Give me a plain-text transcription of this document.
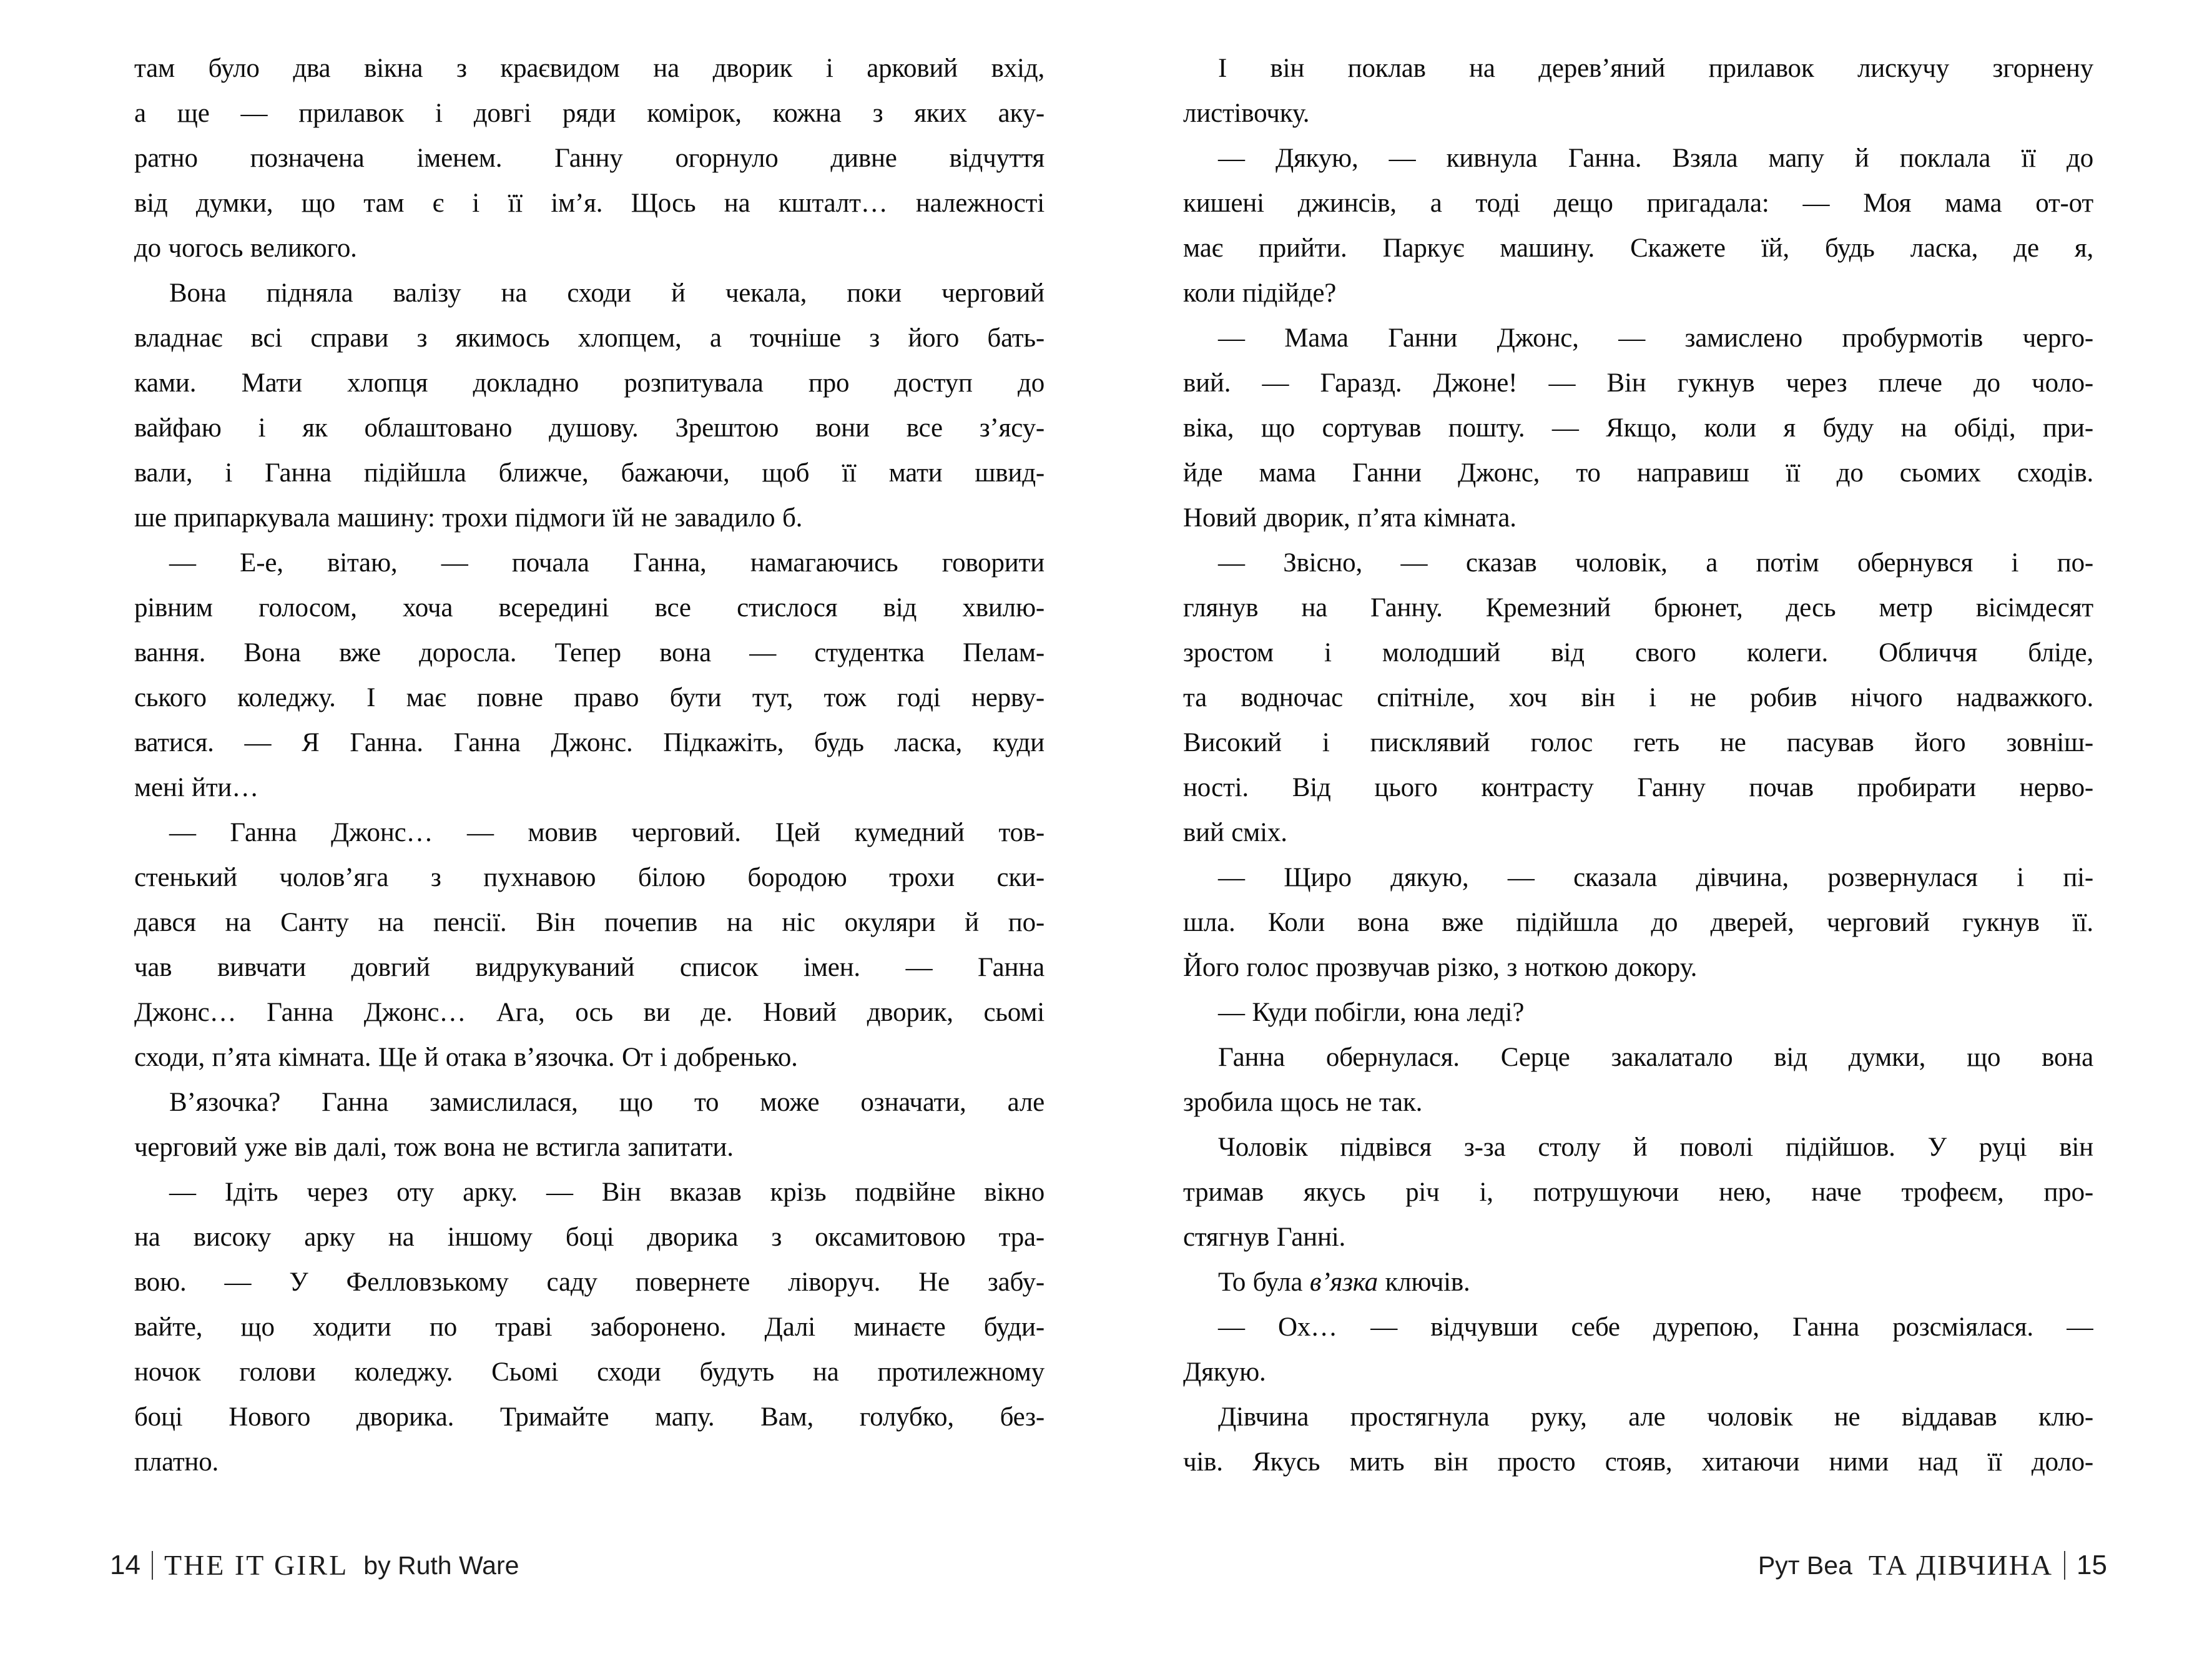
там було два вікна з краєвидом на дворик і арковий вхід,
а ще — прилавок і довгі ряди комірок, кожна з яких аку-
ратно позначена іменем. Ганну огорнуло дивне відчуття
від думки, що там є і її ім’я. Щось на кшталт… належності
до чогось великого.
Вона підняла валізу на сходи й чекала, поки черговий
владнає всі справи з якимось хлопцем, а точніше з його бать-
ками. Мати хлопця докладно розпитувала про доступ до
вайфаю і як облаштовано душову. Зрештою вони все з’ясу-
вали, і Ганна підійшла ближче, бажаючи, щоб її мати швид-
ше припаркувала машину: трохи підмоги їй не завадило б.
— Е-е, вітаю, — почала Ганна, намагаючись говорити
рівним голосом, хоча всередині все стислося від хвилю-
вання. Вона вже доросла. Тепер вона — студентка Пелам-
ського коледжу. І має повне право бути тут, тож годі нерву-
ватися. — Я Ганна. Ганна Джонс. Підкажіть, будь ласка, куди
мені йти…
— Ганна Джонс… — мовив черговий. Цей кумедний тов-
стенький чолов’яга з пухнавою білою бородою трохи ски-
дався на Санту на пенсії. Він почепив на ніс окуляри й по-
чав вивчати довгий видрукуваний список імен. — Ганна
Джонс… Ганна Джонс… Ага, ось ви де. Новий дворик, сьомі
сходи, п’ята кімната. Ще й отака в’язочка. От і добренько.
В’язочка? Ганна замислилася, що то може означати, але
черговий уже вів далі, тож вона не встигла запитати.
— Ідіть через оту арку. — Він вказав крізь подвійне вікно
на високу арку на іншому боці дворика з оксамитовою тра-
вою. — У Фелловзькому саду повернете ліворуч. Не забу-
вайте, що ходити по траві заборонено. Далі минаєте буди-
ночок голови коледжу. Сьомі сходи будуть на протилежному
боці Нового дворика. Тримайте мапу. Вам, голубко, без-
платно.
14 THE IT GIRL by Ruth Ware
І він поклав на дерев’яний прилавок лискучу згорнену
листівочку.
— Дякую, — кивнула Ганна. Взяла мапу й поклала її до
кишені джинсів, а тоді дещо пригадала: — Моя мама от-от
має прийти. Паркує машину. Скажете їй, будь ласка, де я,
коли підійде?
— Мама Ганни Джонс, — замислено пробурмотів черго-
вий. — Гаразд. Джоне! — Він гукнув через плече до чоло-
віка, що сортував пошту. — Якщо, коли я буду на обіді, при-
йде мама Ганни Джонс, то направиш її до сьомих сходів.
Новий дворик, п’ята кімната.
— Звісно, — сказав чоловік, а потім обернувся і по-
глянув на Ганну. Кремезний брюнет, десь метр вісімдесят
зростом і молодший від свого колеги. Обличчя бліде,
та водночас спітніле, хоч він і не робив нічого надважкого.
Високий і писклявий голос геть не пасував його зовніш-
ності. Від цього контрасту Ганну почав пробирати нерво-
вий сміх.
— Щиро дякую, — сказала дівчина, розвернулася і пі-
шла. Коли вона вже підійшла до дверей, черговий гукнув її.
Його голос прозвучав різко, з ноткою докору.
— Куди побігли, юна леді?
Ганна обернулася. Серце закалатало від думки, що вона
зробила щось не так.
Чоловік підвівся з-за столу й поволі підійшов. У руці він
тримав якусь річ і, потрушуючи нею, наче трофеєм, про-
стягнув Ганні.
То була в’язка ключів.
— Ох… — відчувши себе дурепою, Ганна розсміялася. —
Дякую.
Дівчина простягнула руку, але чоловік не віддавав клю-
чів. Якусь мить він просто стояв, хитаючи ними над її доло-
Рут Веа ТА ДІВЧИНА 15
